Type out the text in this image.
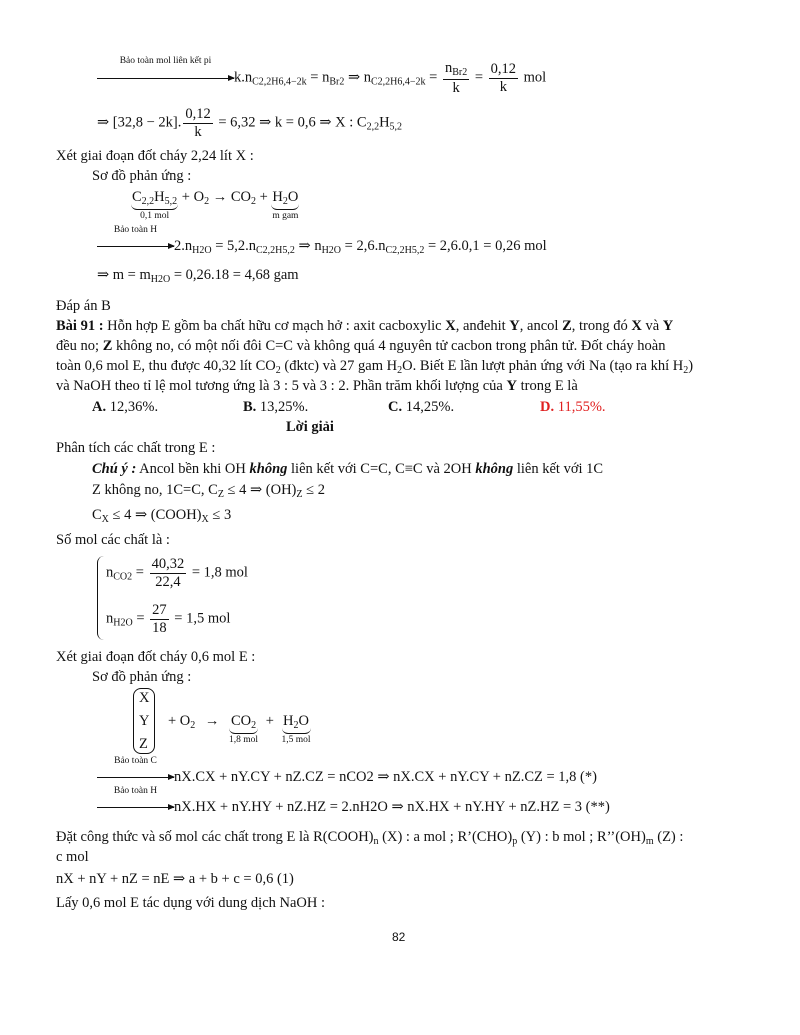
Bảo toàn mol liên kết pi
$k.n_{C2,2H6,4-2k} = n_{Br2}$ ⇒ $n_{C2,2H6,4-2k} = \frac{n_{Br2}}{k} = \frac{0,12}{k}$ mol
⇒ [32,8 − 2k]. $\frac{0,12}{k} = 6,32$ ⇒ k = 0,6 ⇒ X : $C_{2,2}H_{5,2}$
Xét giai đoạn đốt cháy 2,24 lít X :
Sơ đồ phản ứng :
$C_{2,2}H_{5,2}$
0,1 mol
+ $O_2 \to CO_2 + H_2O$
m gam
Bảo toàn H
$2.n_{H2O} = 5,2.n_{C2,2H5,2}$ ⇒ $n_{H2O} = 2,6.n_{C2,2H5,2} = 2,6.0,1 = 0,26$ mol
⇒ $m = m_{H2O} = 0,26.18 = 4,68$ gam
Đáp án B
Bài 91 : Hỗn hợp E gồm ba chất hữu cơ mạch hở : axit cacboxylic X, anđehit Y, ancol Z, trong đó X và Y
đều no; Z không no, có một nối đôi C=C và không quá 4 nguyên tử cacbon trong phân tử. Đốt cháy hoàn
toàn 0,6 mol E, thu được 40,32 lít $CO_2$ (đktc) và 27 gam $H_2O$. Biết E lần lượt phản ứng với Na (tạo ra khí $H_2$)
và NaOH theo tỉ lệ mol tương ứng là 3 : 5 và 3 : 2. Phần trăm khối lượng của Y trong E là
A. 12,36%.	B. 13,25%.	C. 14,25%.	D. 11,55%.
Lời giải
Phân tích các chất trong E :
Chú ý : Ancol bền khi OH không liên kết với C=C, C≡C và 2OH không liên kết với 1C
Z không no, 1C=C, $C_Z \le 4$ ⇒ $(OH)_Z \le 2$
$C_X \le 4$ ⇒ $(COOH)_X \le 3$
Số mol các chất là :
$n_{CO2} = \frac{40,32}{22,4} = 1,8$ mol
$n_{H2O} = \frac{27}{18} = 1,5$ mol
Xét giai đoạn đốt cháy 0,6 mol E :
Sơ đồ phản ứng :
X
Y
Z
+ $O_2 \to CO_2$
1,8 mol
+ $H_2O$
1,5 mol
Bảo toàn C
nX.CX + nY.CY + nZ.CZ = nCO2 ⇒ nX.CX + nY.CY + nZ.CZ = 1,8 (*)
Bảo toàn H
nX.HX + nY.HY + nZ.HZ = 2.nH2O ⇒ nX.HX + nY.HY + nZ.HZ = 3 (**)
Đặt công thức và số mol các chất trong E là $R(COOH)_n$ (X) : a mol ; $R’(CHO)_p$ (Y) : b mol ; $R’’(OH)_m$ (Z) :
c mol
nX + nY + nZ = nE ⇒ a + b + c = 0,6 (1)
Lấy 0,6 mol E tác dụng với dung dịch NaOH :
82
